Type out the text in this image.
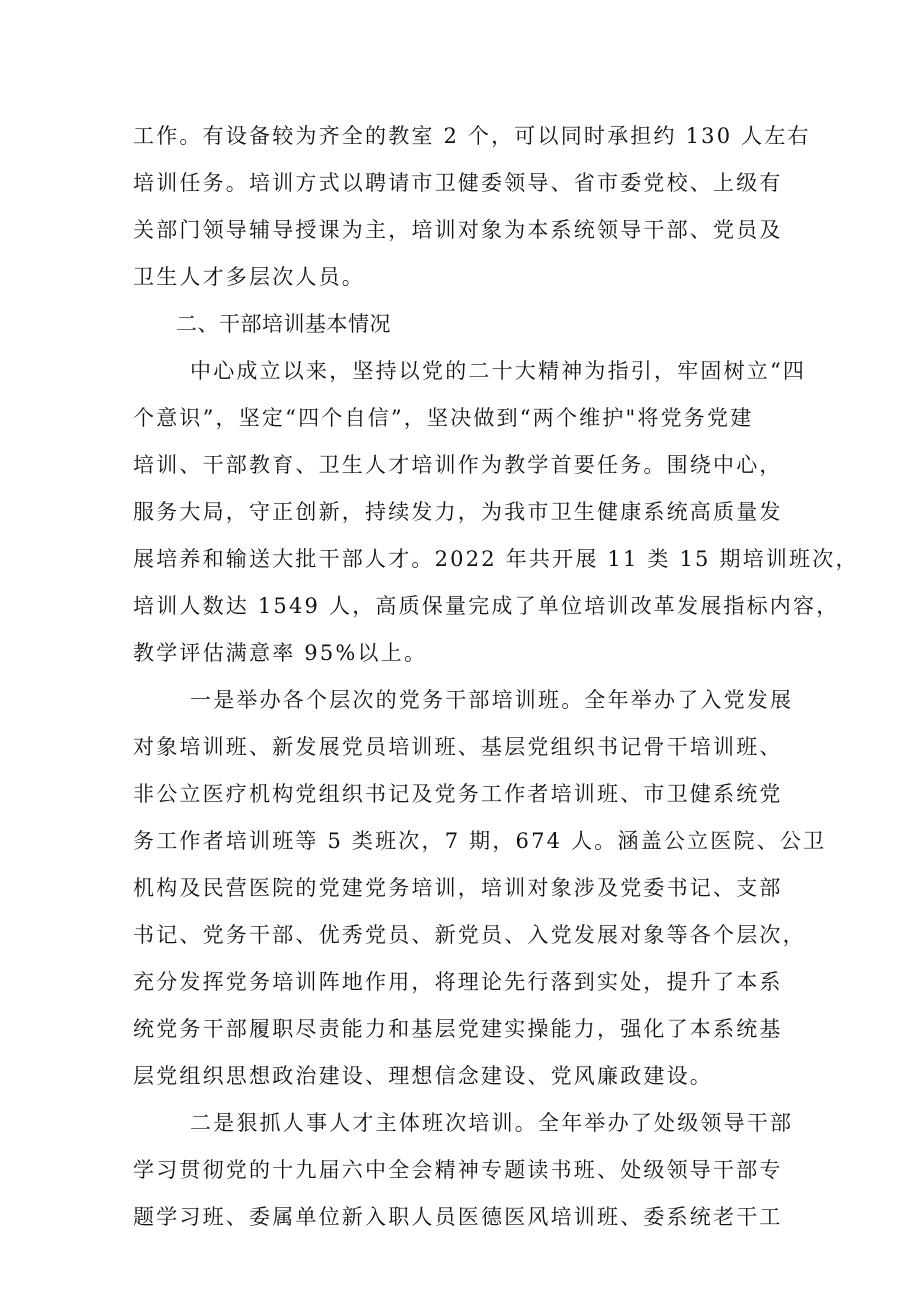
工作。有设备较为齐全的教室 2 个，可以同时承担约 130 人左右
培训任务。培训方式以聘请市卫健委领导、省市委党校、上级有
关部门领导辅导授课为主，培训对象为本系统领导干部、党员及
卫生人才多层次人员。
二、干部培训基本情况
中心成立以来，坚持以党的二十大精神为指引，牢固树立“四
个意识”，坚定“四个自信”，坚决做到“两个维护"将党务党建
培训、干部教育、卫生人才培训作为教学首要任务。围绕中心，
服务大局，守正创新，持续发力，为我市卫生健康系统高质量发
展培养和输送大批干部人才。2022 年共开展 11 类 15 期培训班次，
培训人数达 1549 人，高质保量完成了单位培训改革发展指标内容，
教学评估满意率 95%以上。
一是举办各个层次的党务干部培训班。全年举办了入党发展
对象培训班、新发展党员培训班、基层党组织书记骨干培训班、
非公立医疗机构党组织书记及党务工作者培训班、市卫健系统党
务工作者培训班等 5 类班次，7 期，674 人。涵盖公立医院、公卫
机构及民营医院的党建党务培训，培训对象涉及党委书记、支部
书记、党务干部、优秀党员、新党员、入党发展对象等各个层次，
充分发挥党务培训阵地作用，将理论先行落到实处，提升了本系
统党务干部履职尽责能力和基层党建实操能力，强化了本系统基
层党组织思想政治建设、理想信念建设、党风廉政建设。
二是狠抓人事人才主体班次培训。全年举办了处级领导干部
学习贯彻党的十九届六中全会精神专题读书班、处级领导干部专
题学习班、委属单位新入职人员医德医风培训班、委系统老干工
